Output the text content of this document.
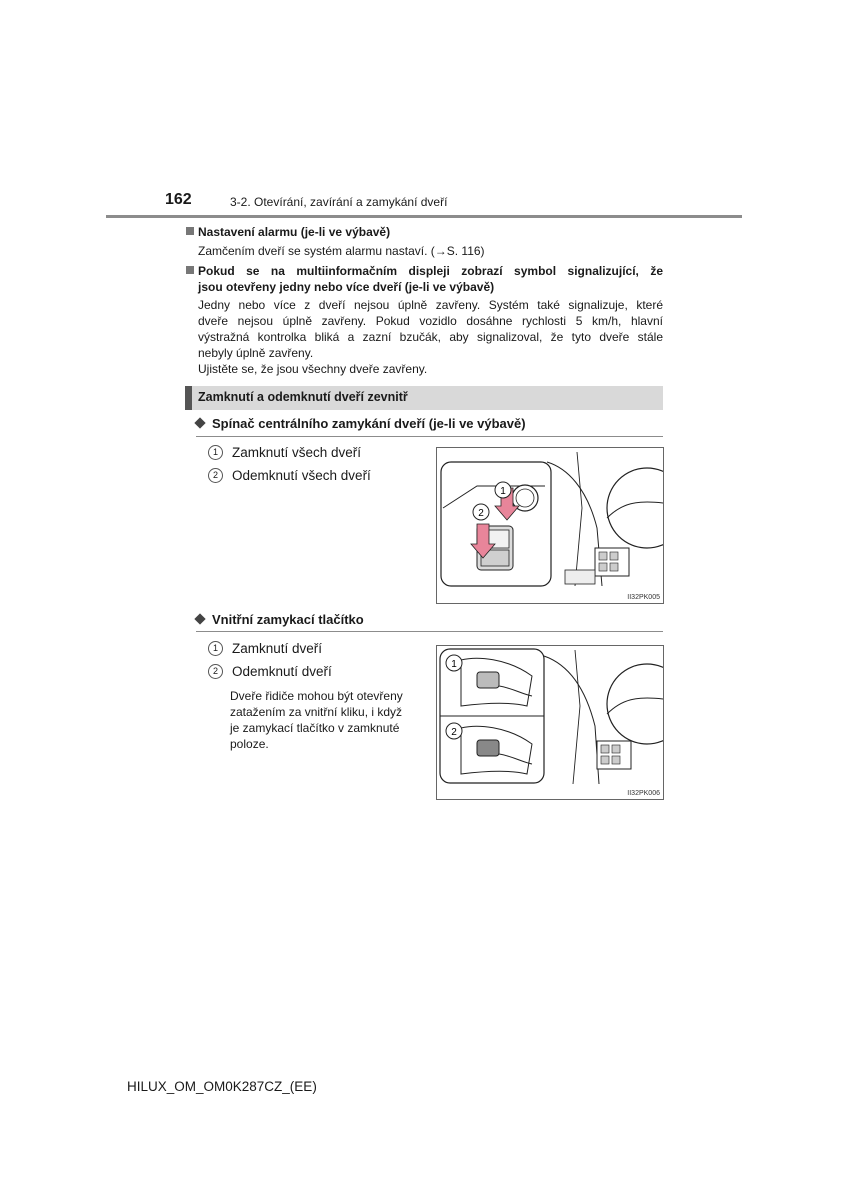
162	3-2. Otevírání, zavírání a zamykání dveří
Nastavení alarmu (je-li ve výbavě)
Zamčením dveří se systém alarmu nastaví. (→S. 116)
Pokud se na multiinformačním displeji zobrazí symbol signalizující, že
jsou otevřeny jedny nebo více dveří (je-li ve výbavě)
Jedny nebo více z dveří nejsou úplně zavřeny. Systém také signalizuje, které
dveře nejsou úplně zavřeny. Pokud vozidlo dosáhne rychlosti 5 km/h, hlavní
výstražná kontrolka bliká a zazní bzučák, aby signalizoval, že tyto dveře stále
nebyly úplně zavřeny.
Ujistěte se, že jsou všechny dveře zavřeny.
Zamknutí a odemknutí dveří zevnitř
Spínač centrálního zamykání dveří (je-li ve výbavě)
1	Zamknutí všech dveří
2	Odemknutí všech dveří
1
2
II32PK005
Vnitřní zamykací tlačítko
1	Zamknutí dveří
2	Odemknutí dveří
Dveře řidiče mohou být otevřeny
zatažením za vnitřní kliku, i když
je zamykací tlačítko v zamknuté
poloze.
1
2
II32PK006
HILUX_OM_OM0K287CZ_(EE)
